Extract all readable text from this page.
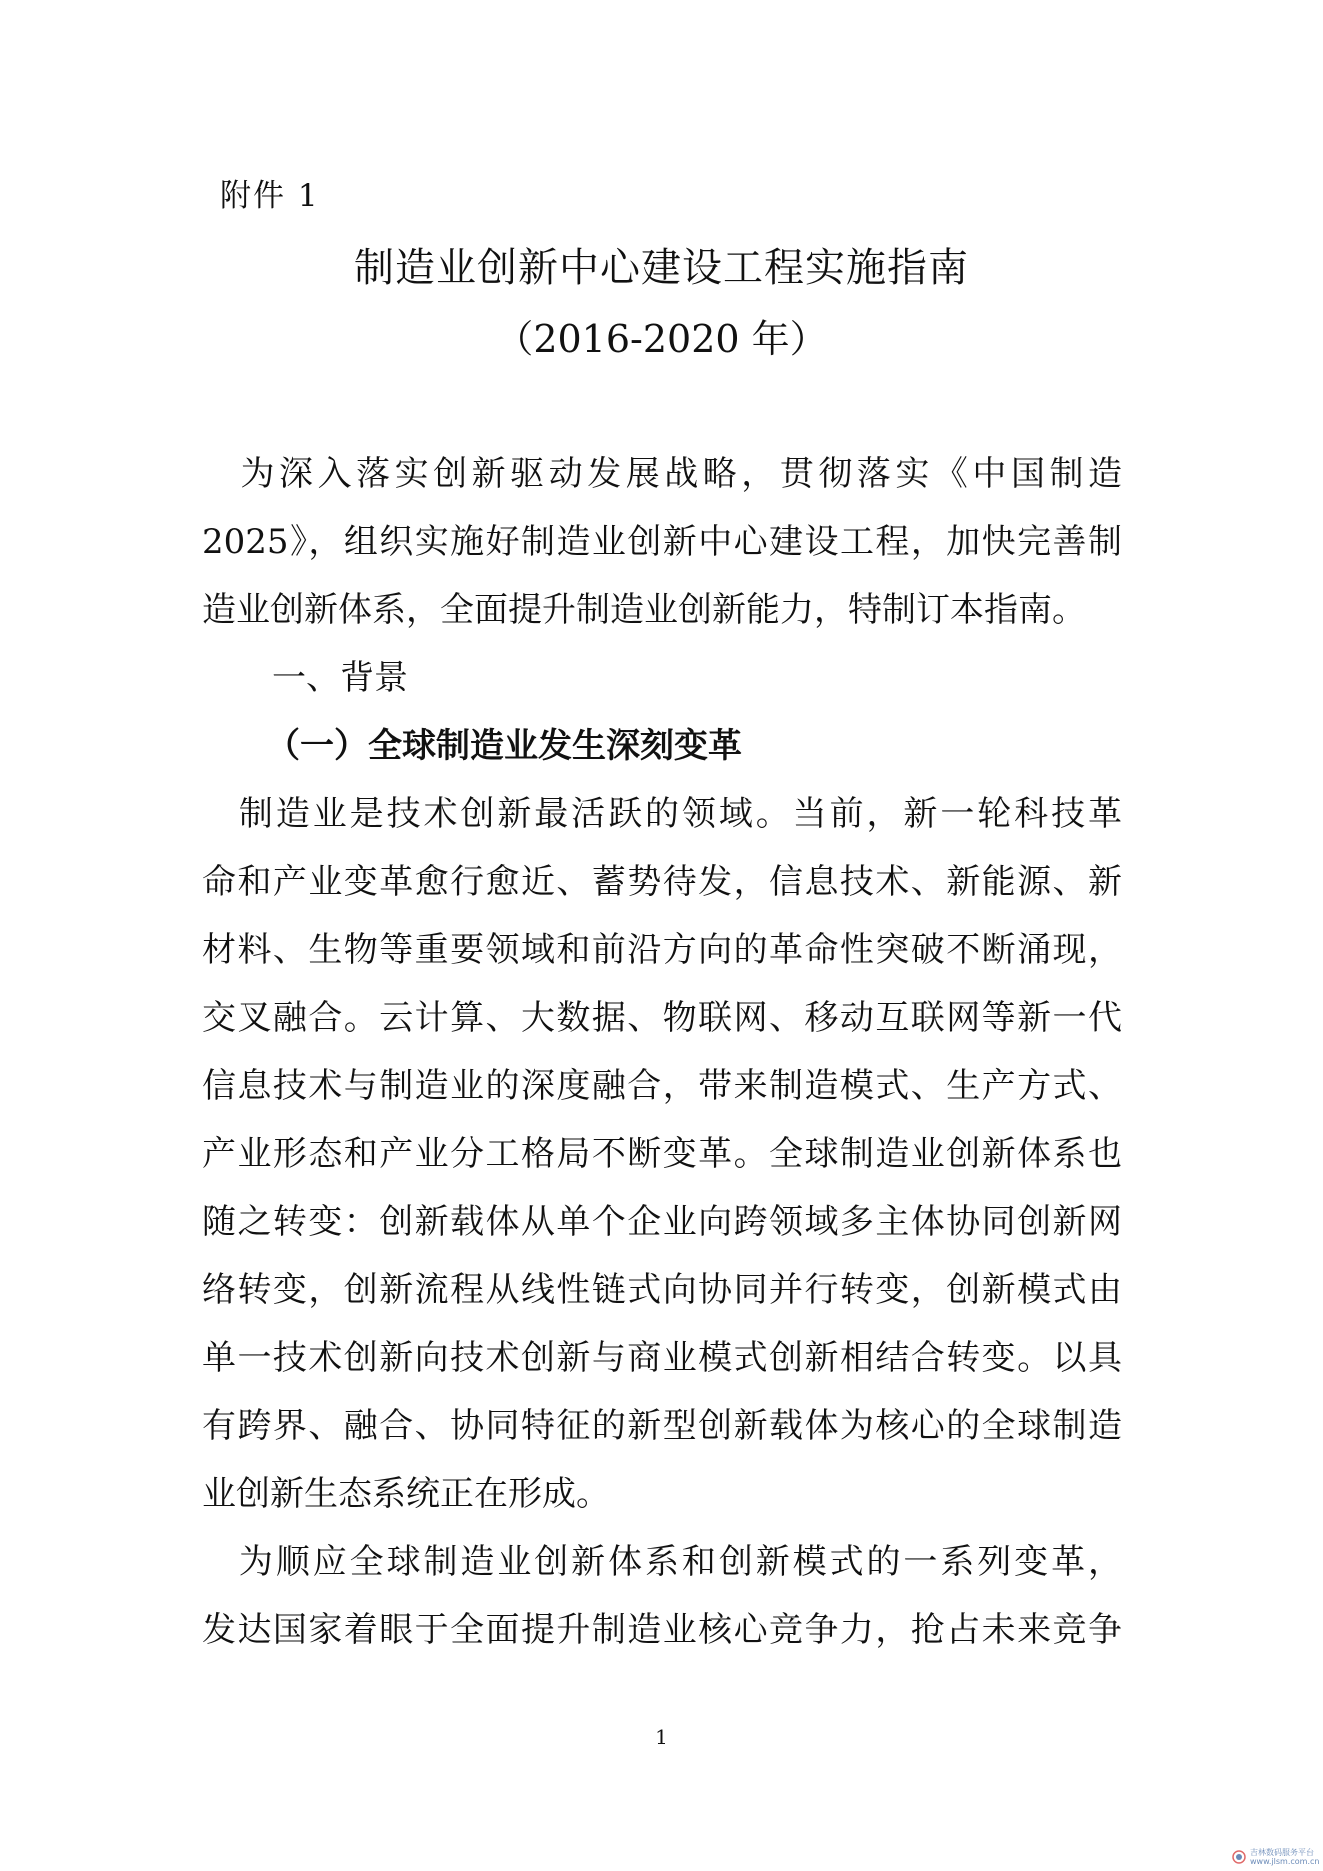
附件 1
制造业创新中心建设工程实施指南
（2016-2020 年）
　为深入落实创新驱动发展战略，贯彻落实《中国制造
2025》，组织实施好制造业创新中心建设工程，加快完善制
造业创新体系，全面提升制造业创新能力，特制订本指南。
一、背景
（一）全球制造业发生深刻变革
　制造业是技术创新最活跃的领域。当前，新一轮科技革
命和产业变革愈行愈近、蓄势待发，信息技术、新能源、新
材料、生物等重要领域和前沿方向的革命性突破不断涌现，
交叉融合。云计算、大数据、物联网、移动互联网等新一代
信息技术与制造业的深度融合，带来制造模式、生产方式、
产业形态和产业分工格局不断变革。全球制造业创新体系也
随之转变：创新载体从单个企业向跨领域多主体协同创新网
络转变，创新流程从线性链式向协同并行转变，创新模式由
单一技术创新向技术创新与商业模式创新相结合转变。以具
有跨界、融合、协同特征的新型创新载体为核心的全球制造
业创新生态系统正在形成。
　为顺应全球制造业创新体系和创新模式的一系列变革，
发达国家着眼于全面提升制造业核心竞争力，抢占未来竞争
1
吉林数码服务平台
www.jlsm.com.cn
